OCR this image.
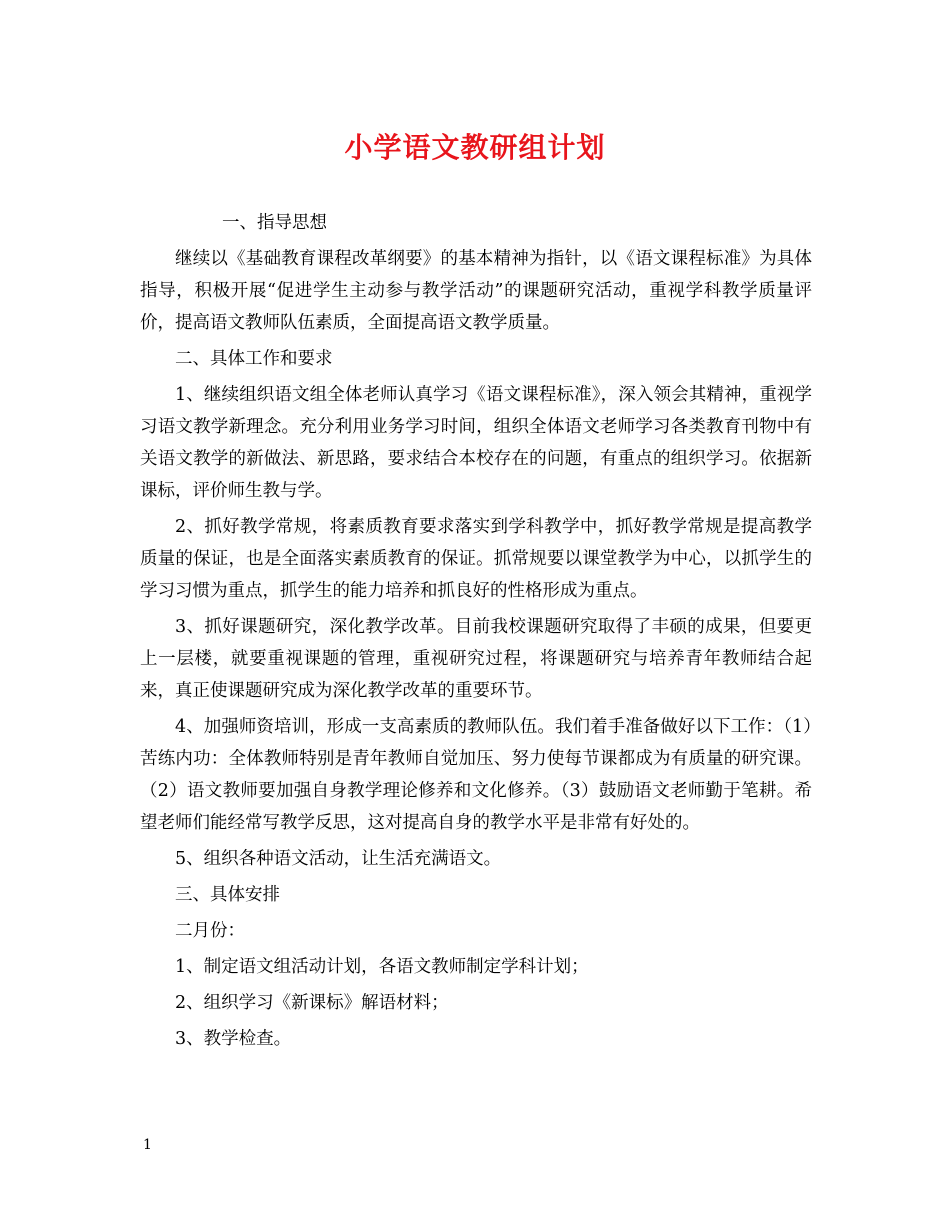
小学语文教研组计划

一、指导思想

继续以《基础教育课程改革纲要》的基本精神为指针，以《语文课程标准》为具体指导，积极开展“促进学生主动参与教学活动”的课题研究活动，重视学科教学质量评价，提高语文教师队伍素质，全面提高语文教学质量。

二、具体工作和要求

1、继续组织语文组全体老师认真学习《语文课程标准》，深入领会其精神，重视学习语文教学新理念。充分利用业务学习时间，组织全体语文老师学习各类教育刊物中有关语文教学的新做法、新思路，要求结合本校存在的问题，有重点的组织学习。依据新课标，评价师生教与学。

2、抓好教学常规，将素质教育要求落实到学科教学中，抓好教学常规是提高教学质量的保证，也是全面落实素质教育的保证。抓常规要以课堂教学为中心，以抓学生的学习习惯为重点，抓学生的能力培养和抓良好的性格形成为重点。

3、抓好课题研究，深化教学改革。目前我校课题研究取得了丰硕的成果，但要更上一层楼，就要重视课题的管理，重视研究过程，将课题研究与培养青年教师结合起来，真正使课题研究成为深化教学改革的重要环节。

4、加强师资培训，形成一支高素质的教师队伍。我们着手准备做好以下工作：（1）苦练内功：全体教师特别是青年教师自觉加压、努力使每节课都成为有质量的研究课。（2）语文教师要加强自身教学理论修养和文化修养。（3）鼓励语文老师勤于笔耕。希望老师们能经常写教学反思，这对提高自身的教学水平是非常有好处的。

5、组织各种语文活动，让生活充满语文。

三、具体安排

二月份：

1、制定语文组活动计划，各语文教师制定学科计划；

2、组织学习《新课标》解语材料；

3、教学检查。

1
